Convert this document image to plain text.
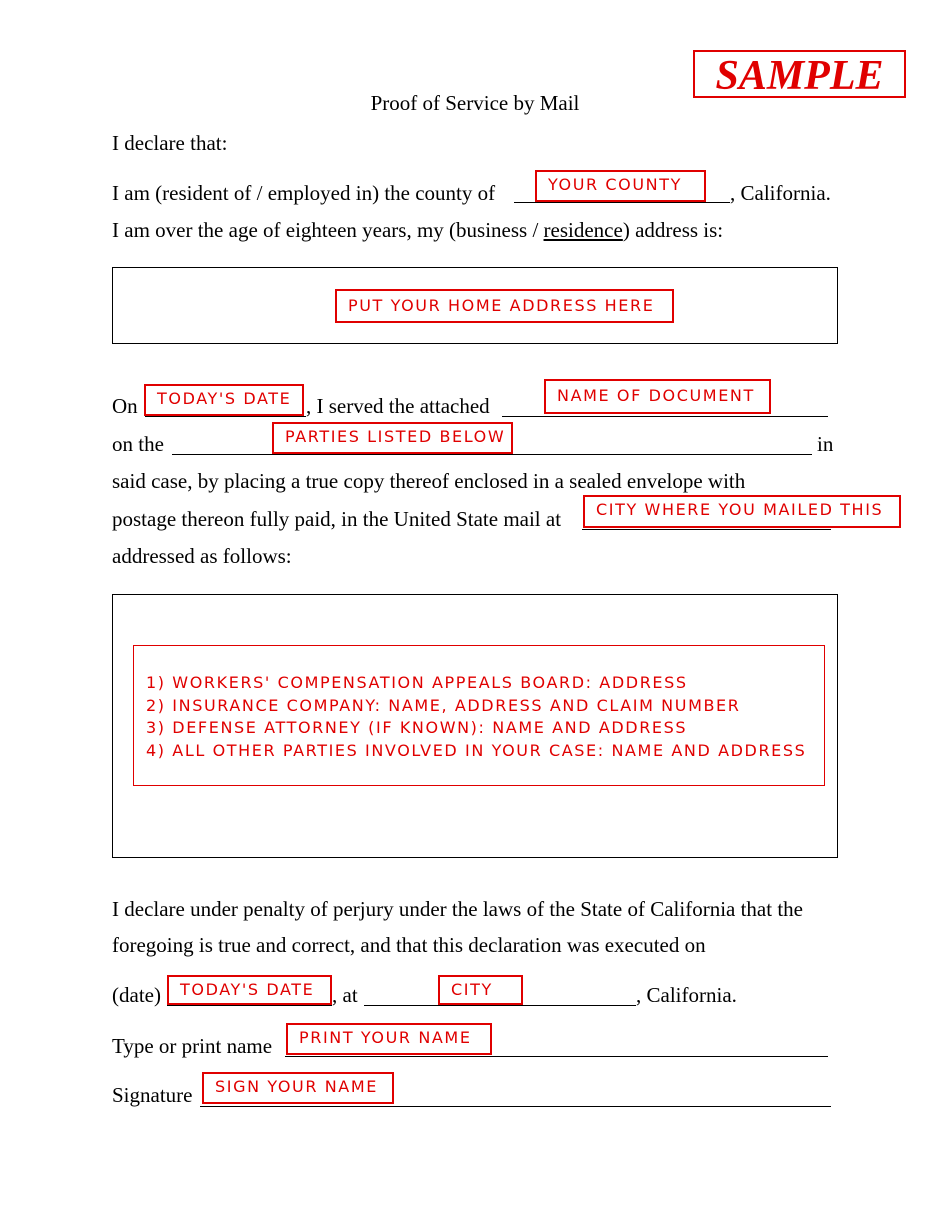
SAMPLE
Proof of Service by Mail
I declare that:
I am (resident of / employed in) the county of	, California.
YOUR COUNTY
I am over the age of eighteen years, my (business / residence) address is:
PUT YOUR HOME ADDRESS HERE
On	, I served the attached
TODAY'S DATE	NAME OF DOCUMENT
on the	in
PARTIES LISTED BELOW
said case, by placing a true copy thereof enclosed in a sealed envelope with
postage thereon fully paid, in the United State mail at	CITY WHERE YOU MAILED THIS
addressed as follows:
1) WORKERS' COMPENSATION APPEALS BOARD: ADDRESS
2) INSURANCE COMPANY: NAME, ADDRESS AND CLAIM NUMBER
3) DEFENSE ATTORNEY (IF KNOWN): NAME AND ADDRESS
4) ALL OTHER PARTIES INVOLVED IN YOUR CASE: NAME AND ADDRESS
I declare under penalty of perjury under the laws of the State of California that the
foregoing is true and correct, and that this declaration was executed on
(date)	, at	, California.
TODAY'S DATE	CITY
Type or print name	PRINT YOUR NAME
Signature	SIGN YOUR NAME
